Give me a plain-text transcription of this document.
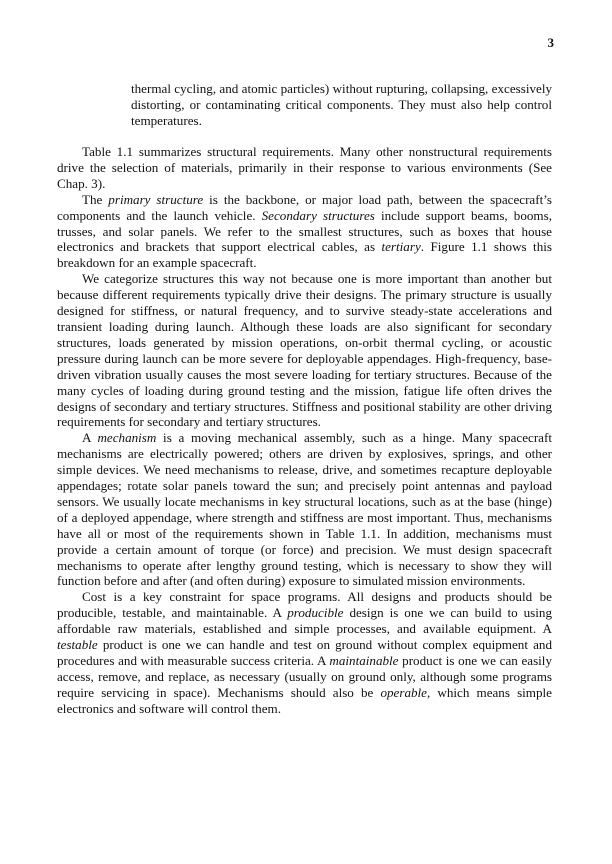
3

thermal cycling, and atomic particles) without rupturing, collapsing, excessively distorting, or contaminating critical components. They must also help control temperatures.

Table 1.1 summarizes structural requirements. Many other nonstructural requirements drive the selection of materials, primarily in their response to various environments (See Chap. 3).

The primary structure is the backbone, or major load path, between the spacecraft’s components and the launch vehicle. Secondary structures include support beams, booms, trusses, and solar panels. We refer to the smallest structures, such as boxes that house electronics and brackets that support electrical cables, as tertiary. Figure 1.1 shows this breakdown for an example spacecraft.

We categorize structures this way not because one is more important than another but because different requirements typically drive their designs. The primary structure is usually designed for stiffness, or natural frequency, and to survive steady-state accelerations and transient loading during launch. Although these loads are also significant for secondary structures, loads generated by mission operations, on-orbit thermal cycling, or acoustic pressure during launch can be more severe for deployable appendages. High-frequency, base-driven vibration usually causes the most severe loading for tertiary structures. Because of the many cycles of loading during ground testing and the mission, fatigue life often drives the designs of secondary and tertiary structures. Stiffness and positional stability are other driving requirements for secondary and tertiary structures.

A mechanism is a moving mechanical assembly, such as a hinge. Many spacecraft mechanisms are electrically powered; others are driven by explosives, springs, and other simple devices. We need mechanisms to release, drive, and sometimes recapture deployable appendages; rotate solar panels toward the sun; and precisely point antennas and payload sensors. We usually locate mechanisms in key structural locations, such as at the base (hinge) of a deployed appendage, where strength and stiffness are most important. Thus, mechanisms have all or most of the requirements shown in Table 1.1. In addition, mechanisms must provide a certain amount of torque (or force) and precision. We must design spacecraft mechanisms to operate after lengthy ground testing, which is necessary to show they will function before and after (and often during) exposure to simulated mission environments.

Cost is a key constraint for space programs. All designs and products should be producible, testable, and maintainable. A producible design is one we can build to using affordable raw materials, established and simple processes, and available equipment. A testable product is one we can handle and test on ground without complex equipment and procedures and with measurable success criteria. A maintainable product is one we can easily access, remove, and replace, as necessary (usually on ground only, although some programs require servicing in space). Mechanisms should also be operable, which means simple electronics and software will control them.
